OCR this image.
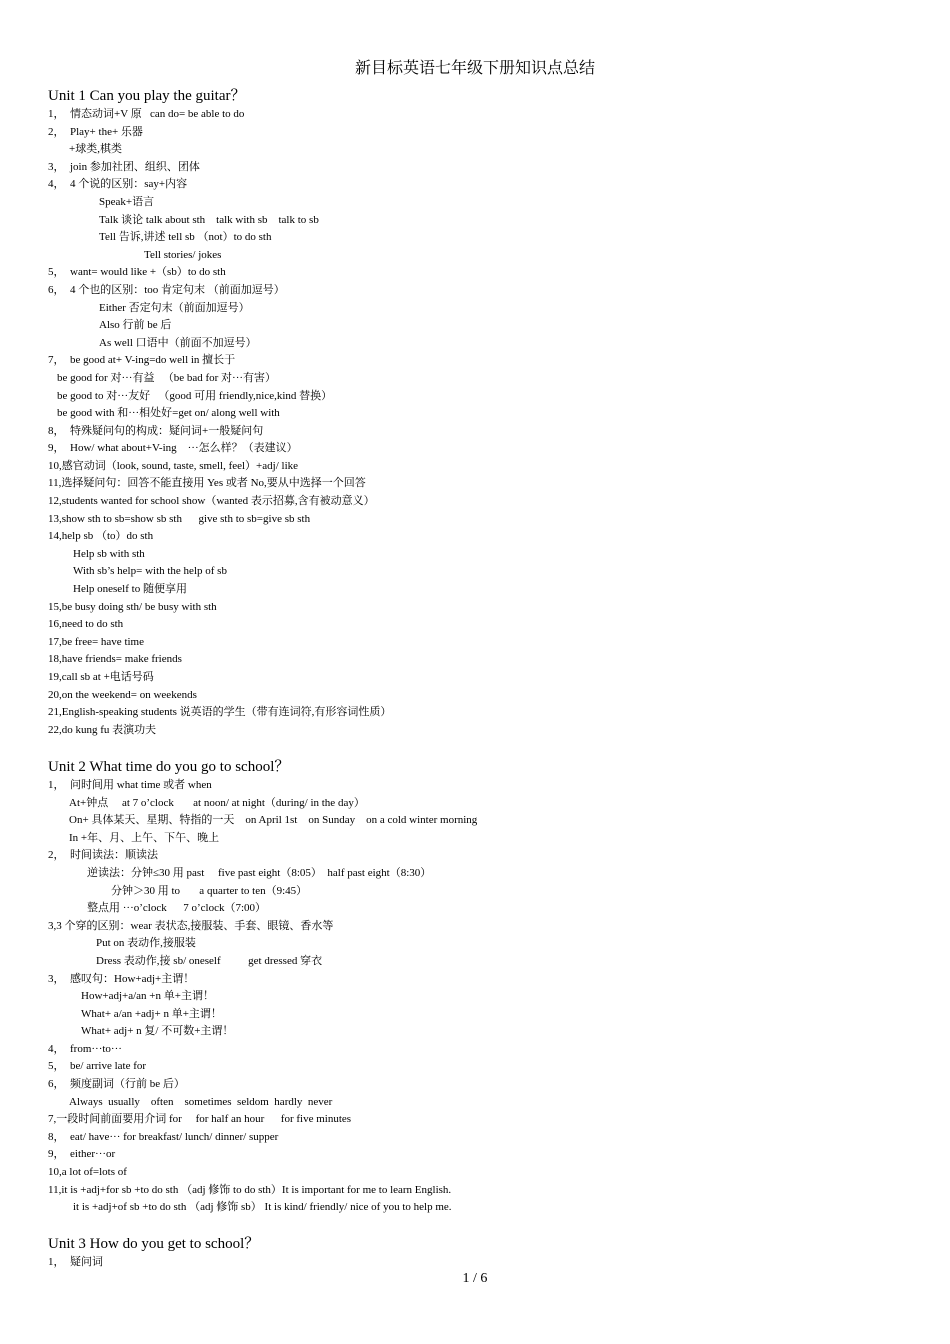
新目标英语七年级下册知识点总结
Unit 1 Can you play the guitar？
1，  情态动词+V 原   can do= be able to do
2，  Play+ the+ 乐器
+球类,棋类
3，  join 参加社团、组织、团体
4，  4 个说的区别：say+内容
Speak+语言
Talk 谈论 talk about sth    talk with sb    talk to sb
Tell 告诉,讲述 tell sb （not）to do sth
Tell stories/ jokes
5，  want= would like +（sb）to do sth
6，  4 个也的区别：too 肯定句末 （前面加逗号）
Either 否定句末（前面加逗号）
Also 行前 be 后
As well 口语中（前面不加逗号）
7，  be good at+ V-ing=do well in 擅长于
be good for 对···有益   （be bad for 对···有害）
be good to 对···友好   （good 可用 friendly,nice,kind 替换）
be good with 和···相处好=get on/ along well with
8，  特殊疑问句的构成：疑问词+一般疑问句
9，  How/ what about+V-ing    ···怎么样？（表建议）
10,感官动词（look, sound, taste, smell, feel）+adj/ like
11,选择疑问句：回答不能直接用 Yes 或者 No,要从中选择一个回答
12,students wanted for school show（wanted 表示招募,含有被动意义）
13,show sth to sb=show sb sth      give sth to sb=give sb sth
14,help sb （to）do sth
Help sb with sth
With sb’s help= with the help of sb
Help oneself to 随便享用
15,be busy doing sth/ be busy with sth
16,need to do sth
17,be free= have time
18,have friends= make friends
19,call sb at +电话号码
20,on the weekend= on weekends
21,English-speaking students 说英语的学生（带有连词符,有形容词性质）
22,do kung fu 表演功夫
Unit 2 What time do you go to school？
1，  问时间用 what time 或者 when
At+钟点     at 7 o’clock       at noon/ at night（during/ in the day）
On+ 具体某天、星期、特指的一天    on April 1st    on Sunday    on a cold winter morning
In +年、月、上午、下午、晚上
2，  时间读法：顺读法
逆读法：分钟≤30 用 past     five past eight（8:05）  half past eight（8:30）
分钟＞30 用 to       a quarter to ten（9:45）
整点用 ···o’clock      7 o’clock（7:00）
3,3 个穿的区别：wear 表状态,接服装、手套、眼镜、香水等
Put on 表动作,接服装
Dress 表动作,接 sb/ oneself          get dressed 穿衣
3，  感叹句：How+adj+主谓！
How+adj+a/an +n 单+主谓！
What+ a/an +adj+ n 单+主谓！
What+ adj+ n 复/ 不可数+主谓！
4，  from···to···
5，  be/ arrive late for
6，  频度副词（行前 be 后）
Always  usually    often    sometimes  seldom  hardly  never
7,一段时间前面要用介词 for     for half an hour      for five minutes
8，  eat/ have··· for breakfast/ lunch/ dinner/ supper
9，  either···or
10,a lot of=lots of
11,it is +adj+for sb +to do sth （adj 修饰 to do sth）It is important for me to learn English.
it is +adj+of sb +to do sth （adj 修饰 sb） It is kind/ friendly/ nice of you to help me.
Unit 3 How do you get to school？
1，  疑问词
1 / 6
